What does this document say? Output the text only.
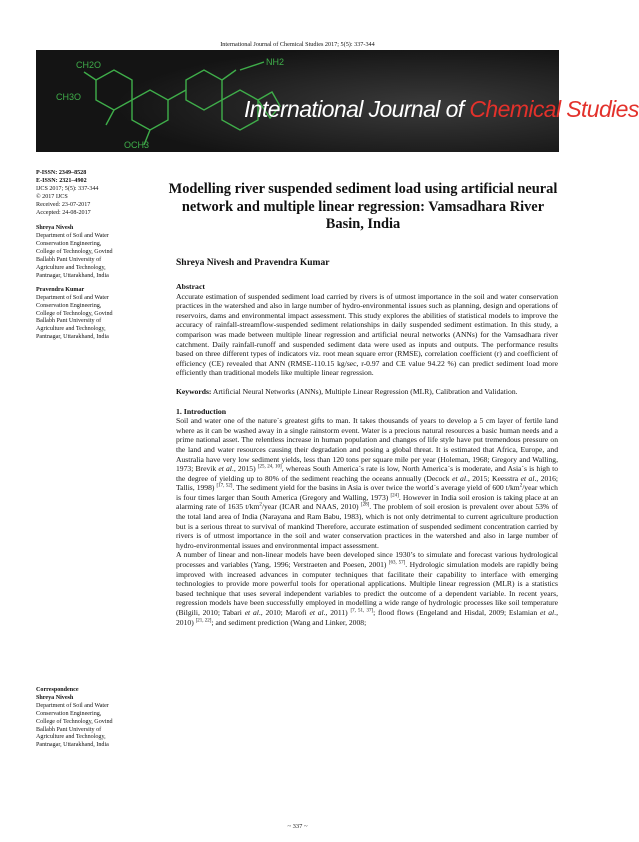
International Journal of Chemical Studies 2017; 5(5): 337-344
CH2O
CH3O
NH2
OCH3
International Journal of Chemical Studies
P-ISSN: 2349–8528
E-ISSN: 2321–4902
IJCS 2017; 5(5): 337-344
© 2017 IJCS
Received: 23-07-2017
Accepted: 24-08-2017
Shreya Nivesh
Department of Soil and Water
Conservation Engineering,
College of Technology, Govind
Ballabh Pant University of
Agriculture and Technology,
Pantnagar, Uttarakhand, India
Pravendra Kumar
Department of Soil and Water
Conservation Engineering,
College of Technology, Govind
Ballabh Pant University of
Agriculture and Technology,
Pantnagar, Uttarakhand, India
Correspondence
Shreya Nivesh
Department of Soil and Water
Conservation Engineering,
College of Technology, Govind
Ballabh Pant University of
Agriculture and Technology,
Pantnagar, Uttarakhand, India
Modelling river suspended sediment load using artificial neural network and multiple linear regression: Vamsadhara River Basin, India
Shreya Nivesh and Pravendra Kumar
Abstract
Accurate estimation of suspended sediment load carried by rivers is of utmost importance in the soil and water conservation practices in the watershed and also in large number of hydro-environmental issues such as planning, design and operations of reservoirs, dams and environmental impact assessment. This study explores the abilities of statistical models to improve the accuracy of rainfall-streamflow-suspended sediment relationships in daily suspended sediment estimation. In this study, a comparison was made between multiple linear regression and artificial neural networks (ANNs) for the Vamsadhara river catchment. Daily rainfall-runoff and suspended sediment data were used as inputs and outputs. The performance results based on three different types of indicators viz. root mean square error (RMSE), correlation coefficient (r) and coefficient of efficiency (CE) revealed that ANN (RMSE-110.15 kg/sec, r-0.97 and CE value 94.22 %) can predict sediment load more efficiently than traditional models like multiple linear regression.
Keywords: Artificial Neural Networks (ANNs), Multiple Linear Regression (MLR), Calibration and Validation.
1. Introduction
Soil and water one of the nature`s greatest gifts to man. It takes thousands of years to develop a 5 cm layer of fertile land where as it can be washed away in a single rainstorm event. Water is a precious natural resources a basic human needs and a prime national asset. The relentless increase in human population and changes of life style have put tremendous pressure on the land and water resources causing their degradation and posing a global threat. It is estimated that Africa, Europe, and Australia have very low sediment yields, less than 120 tons per square mile per year (Holeman, 1968; Gregory and Walling, 1973; Brevik et al., 2015) [25, 24, 10], whereas South America`s rate is low, North America`s is moderate, and Asia`s is high to the degree of yielding up to 80% of the sediment reaching the oceans annually (Decock et al., 2015; Keesstra et al., 2016; Tallis, 1998) [17, 52]. The sediment yield for the basins in Asia is over twice the world`s average yield of 600 $t/km^2$/year which is four times larger than South America (Gregory and Walling, 1973) [24]. However in India soil erosion is taking place at an alarming rate of 1635 $t/km^2$/year (ICAR and NAAS, 2010) [28]. The problem of soil erosion is prevalent over about 53% of the total land area of India (Narayana and Ram Babu, 1983), which is not only detrimental to current agriculture production but is a serious threat to survival of mankind Therefore, accurate estimation of suspended sediment concentration carried by rivers is of utmost importance in the soil and water conservation practices in the watershed and also in large number of hydro-environmental issues and environmental impact assessment.
A number of linear and non-linear models have been developed since 1930’s to simulate and forecast various hydrological processes and variables (Yang, 1996; Verstraeten and Poesen, 2001) [63, 57]. Hydrologic simulation models are rapidly being improved with increased advances in computer techniques that facilitate their capability to interface with emerging technologies to provide more powerful tools for operational applications. Multiple linear regression (MLR) is a statistics based technique that uses several independent variables to predict the outcome of a dependent variable. In recent years, regression models have been successfully employed in modelling a wide range of hydrologic processes like soil temperature (Bilgili, 2010; Tabari et al., 2010; Marofi et al., 2011) [7, 51, 37]; flood flows (Engeland and Hisdal, 2009; Eslamian et al., 2010) [21, 22]; and sediment prediction (Wang and Linker, 2008;
~ 337 ~
